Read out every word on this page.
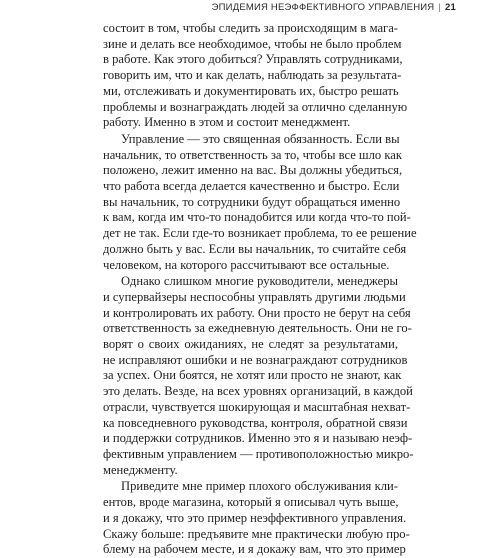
ЭПИДЕМИЯ НЕЭФФЕКТИВНОГО УПРАВЛЕНИЯ | 21
состоит в том, чтобы следить за происходящим в мага-
зине и делать все необходимое, чтобы не было проблем
в работе. Как этого добиться? Управлять сотрудниками,
говорить им, что и как делать, наблюдать за результата-
ми, отслеживать и документировать их, быстро решать
проблемы и вознаграждать людей за отлично сделанную
работу. Именно в этом и состоит менеджмент.
Управление — это священная обязанность. Если вы
начальник, то ответственность за то, чтобы все шло как
положено, лежит именно на вас. Вы должны убедиться,
что работа всегда делается качественно и быстро. Если
вы начальник, то сотрудники будут обращаться именно
к вам, когда им что-то понадобится или когда что-то пой-
дет не так. Если где-то возникает проблема, то ее решение
должно быть у вас. Если вы начальник, то считайте себя
человеком, на которого рассчитывают все остальные.
Однако слишком многие руководители, менеджеры
и супервайзеры неспособны управлять другими людьми
и контролировать их работу. Они просто не берут на себя
ответственность за ежедневную деятельность. Они не го-
ворят о своих ожиданиях, не следят за результатами,
не исправляют ошибки и не вознаграждают сотрудников
за успех. Они боятся, не хотят или просто не знают, как
это делать. Везде, на всех уровнях организаций, в каждой
отрасли, чувствуется шокирующая и масштабная нехват-
ка повседневного руководства, контроля, обратной связи
и поддержки сотрудников. Именно это я и называю неэф-
фективным управлением — противоположностью микро-
менеджменту.
Приведите мне пример плохого обслуживания кли-
ентов, вроде магазина, который я описывал чуть выше,
и я докажу, что это пример неэффективного управления.
Скажу больше: предъявите мне практически любую про-
блему на рабочем месте, и я докажу вам, что это пример
